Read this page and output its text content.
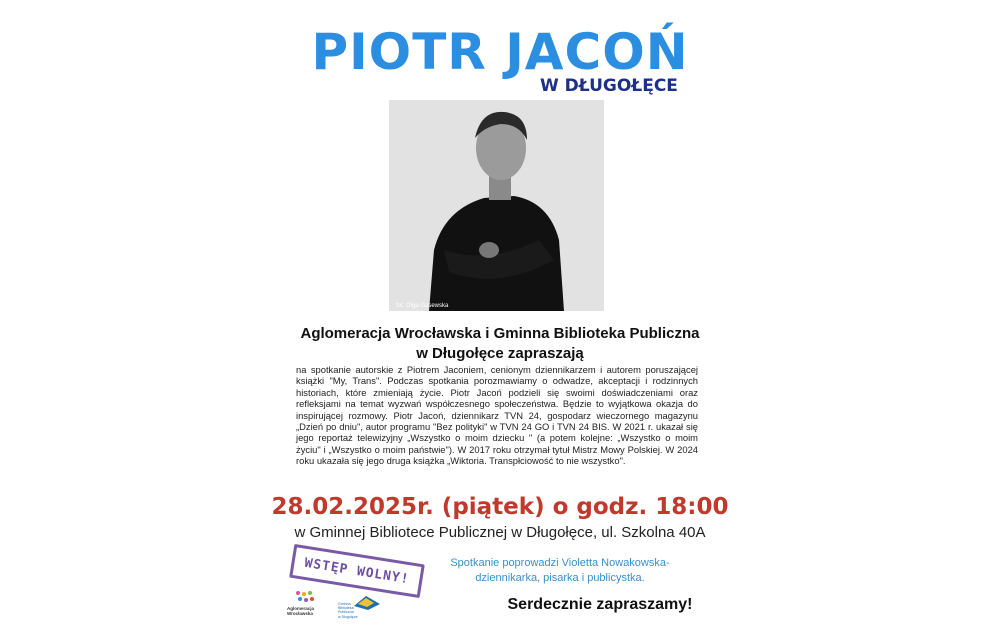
PIOTR JACOŃ
W DŁUGOŁĘCE
fot. Olga Gasewska
Aglomeracja Wrocławska i Gminna Biblioteka Publiczna
w Długołęce zapraszają
na spotkanie autorskie z Piotrem Jaconiem, cenionym dziennikarzem i autorem poruszającej książki "My, Trans". Podczas spotkania porozmawiamy o odwadze, akceptacji i rodzinnych historiach, które zmieniają życie. Piotr Jacoń podzieli się swoimi doświadczeniami oraz refleksjami na temat wyzwań współczesnego społeczeństwa. Będzie to wyjątkowa okazja do inspirującej rozmowy. Piotr Jacoń, dziennikarz TVN 24, gospodarz wieczornego magazynu „Dzień po dniu", autor programu "Bez polityki" w TVN 24 GO i TVN 24 BIS. W 2021 r. ukazał się jego reportaż telewizyjny „Wszystko o moim dziecku " (a potem kolejne: „Wszystko o moim życiu" i „Wszystko o moim państwie"). W 2017 roku otrzymał tytuł Mistrz Mowy Polskiej. W 2024 roku ukazała się jego druga książka „Wiktoria. Transpłciowość to nie wszystko".
28.02.2025r. (piątek) o godz. 18:00
w Gminnej Bibliotece Publicznej w Długołęce, ul. Szkolna 40A
WSTĘP WOLNY!	Spotkanie poprowadzi Violetta Nowakowska-
dziennikarka, pisarka i publicystka.
Serdecznie zapraszamy!
Aglomeracja
Wrocławska
Gminna
Biblioteka Publiczna
w Długołęce
